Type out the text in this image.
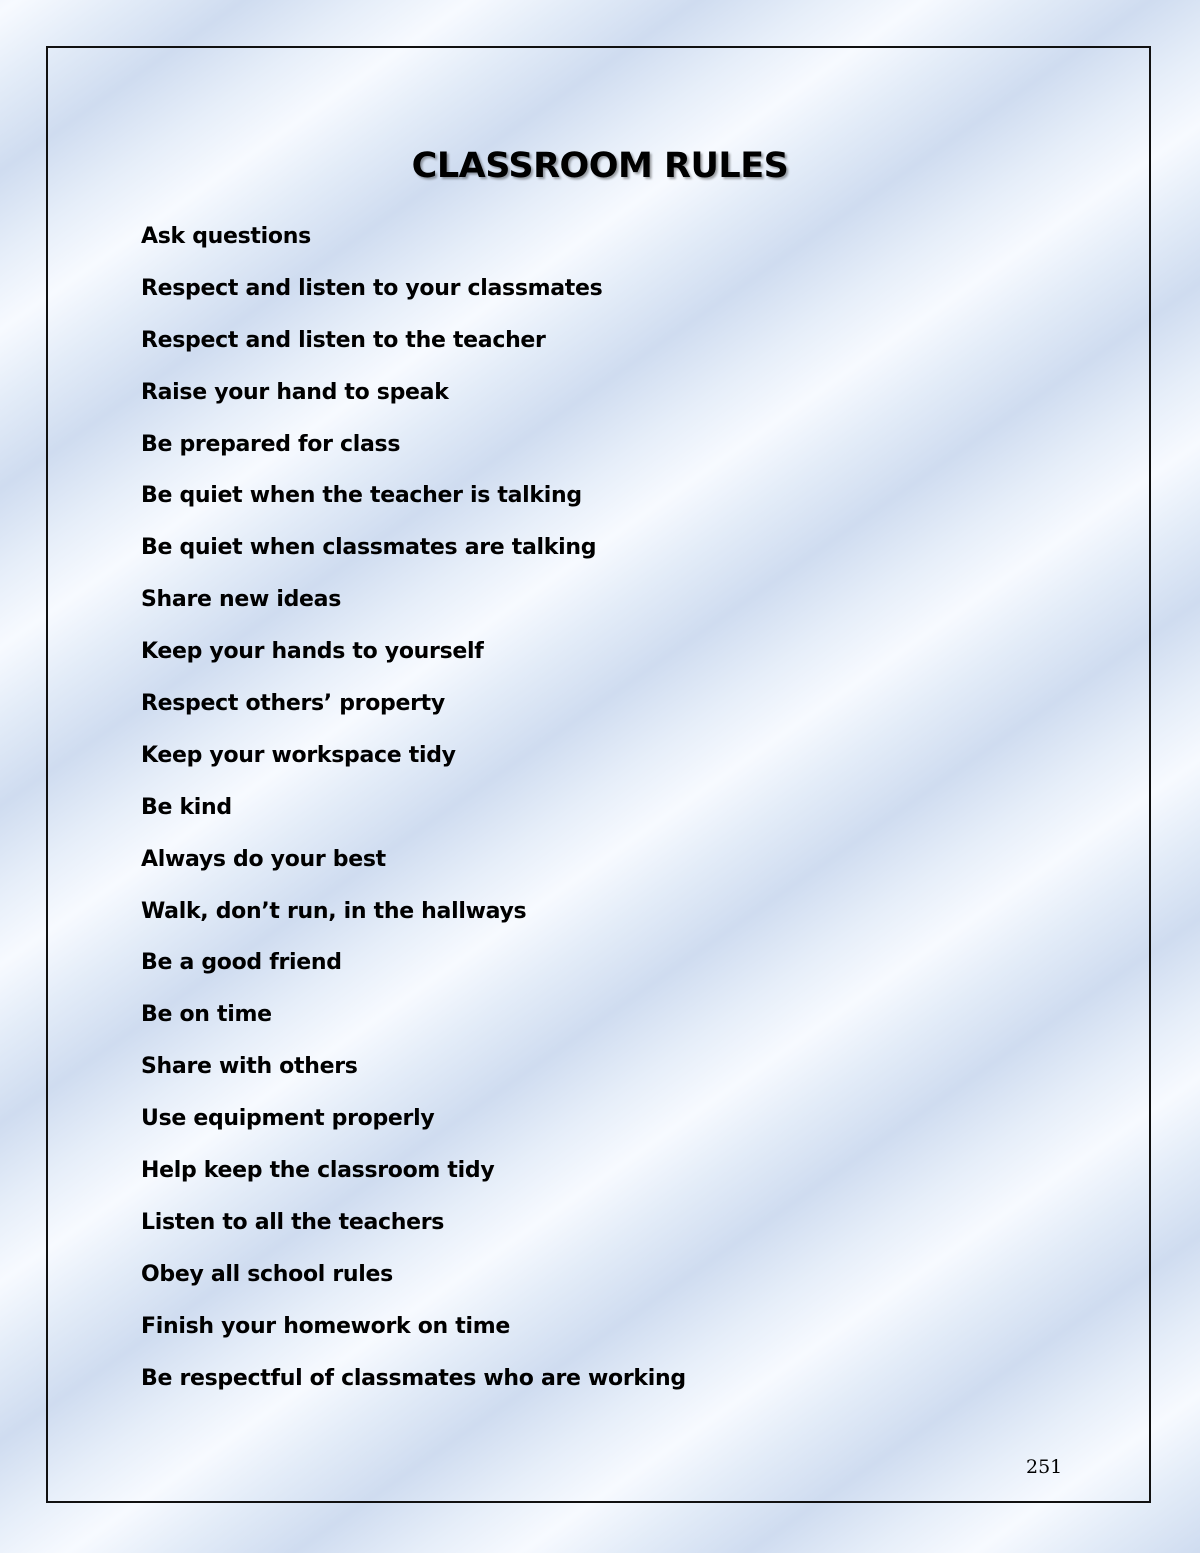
CLASSROOM RULES
Ask questions
Respect and listen to your classmates
Respect and listen to the teacher
Raise your hand to speak
Be prepared for class
Be quiet when the teacher is talking
Be quiet when classmates are talking
Share new ideas
Keep your hands to yourself
Respect others’ property
Keep your workspace tidy
Be kind
Always do your best
Walk, don’t run, in the hallways
Be a good friend
Be on time
Share with others
Use equipment properly
Help keep the classroom tidy
Listen to all the teachers
Obey all school rules
Finish your homework on time
Be respectful of classmates who are working
251
